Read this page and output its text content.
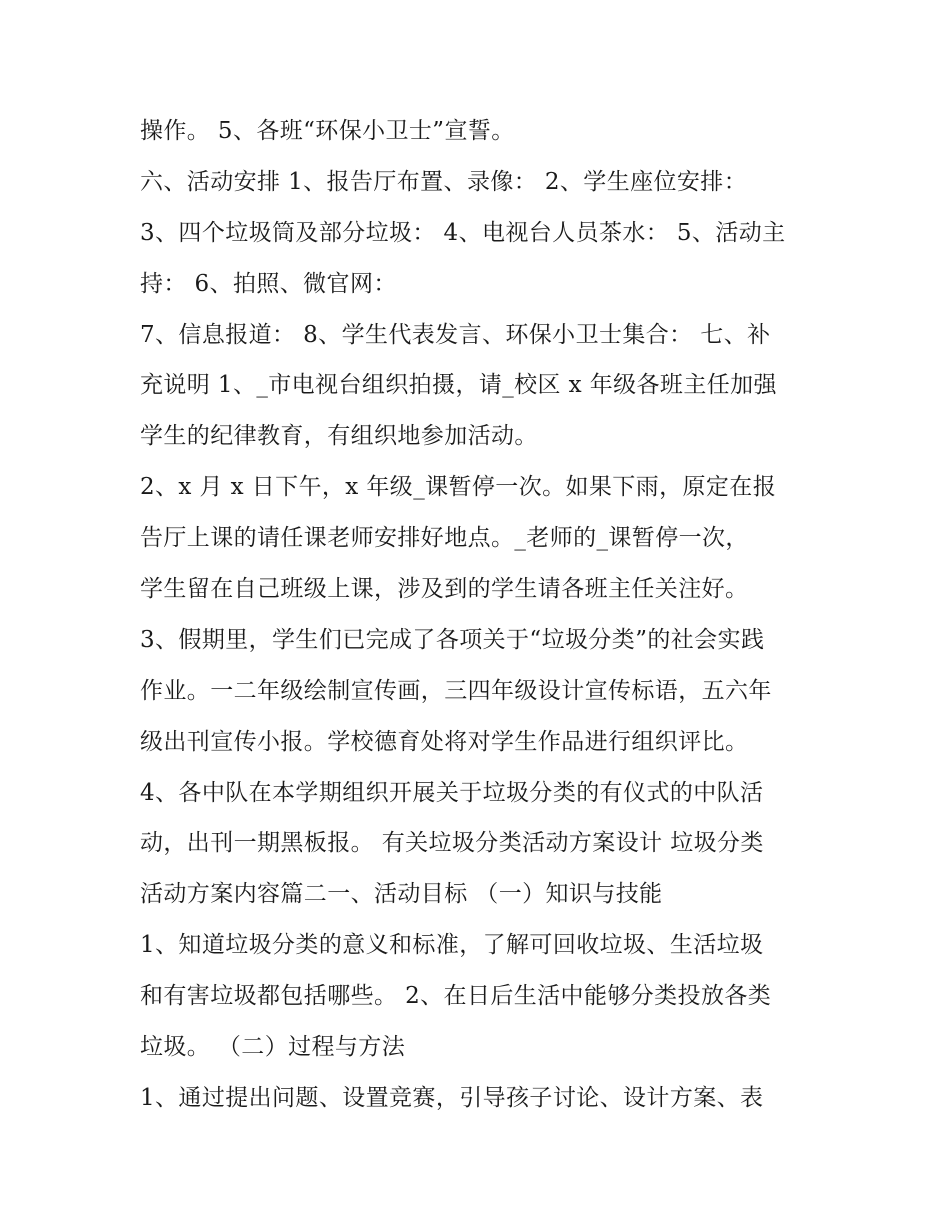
操作。 5、各班“环保小卫士”宣誓。
六、活动安排 1、报告厅布置、录像： 2、学生座位安排：
3、四个垃圾筒及部分垃圾： 4、电视台人员茶水： 5、活动主
持： 6、拍照、微官网：
7、信息报道： 8、学生代表发言、环保小卫士集合： 七、补
充说明 1、_市电视台组织拍摄，请_校区 x 年级各班主任加强
学生的纪律教育，有组织地参加活动。
2、x 月 x 日下午，x 年级_课暂停一次。如果下雨，原定在报
告厅上课的请任课老师安排好地点。_老师的_课暂停一次，
学生留在自己班级上课，涉及到的学生请各班主任关注好。
3、假期里，学生们已完成了各项关于“垃圾分类”的社会实践
作业。一二年级绘制宣传画，三四年级设计宣传标语，五六年
级出刊宣传小报。学校德育处将对学生作品进行组织评比。
4、各中队在本学期组织开展关于垃圾分类的有仪式的中队活
动，出刊一期黑板报。 有关垃圾分类活动方案设计 垃圾分类
活动方案内容篇二一、活动目标 （一）知识与技能
1、知道垃圾分类的意义和标准，了解可回收垃圾、生活垃圾
和有害垃圾都包括哪些。 2、在日后生活中能够分类投放各类
垃圾。 （二）过程与方法
1、通过提出问题、设置竞赛，引导孩子讨论、设计方案、表
